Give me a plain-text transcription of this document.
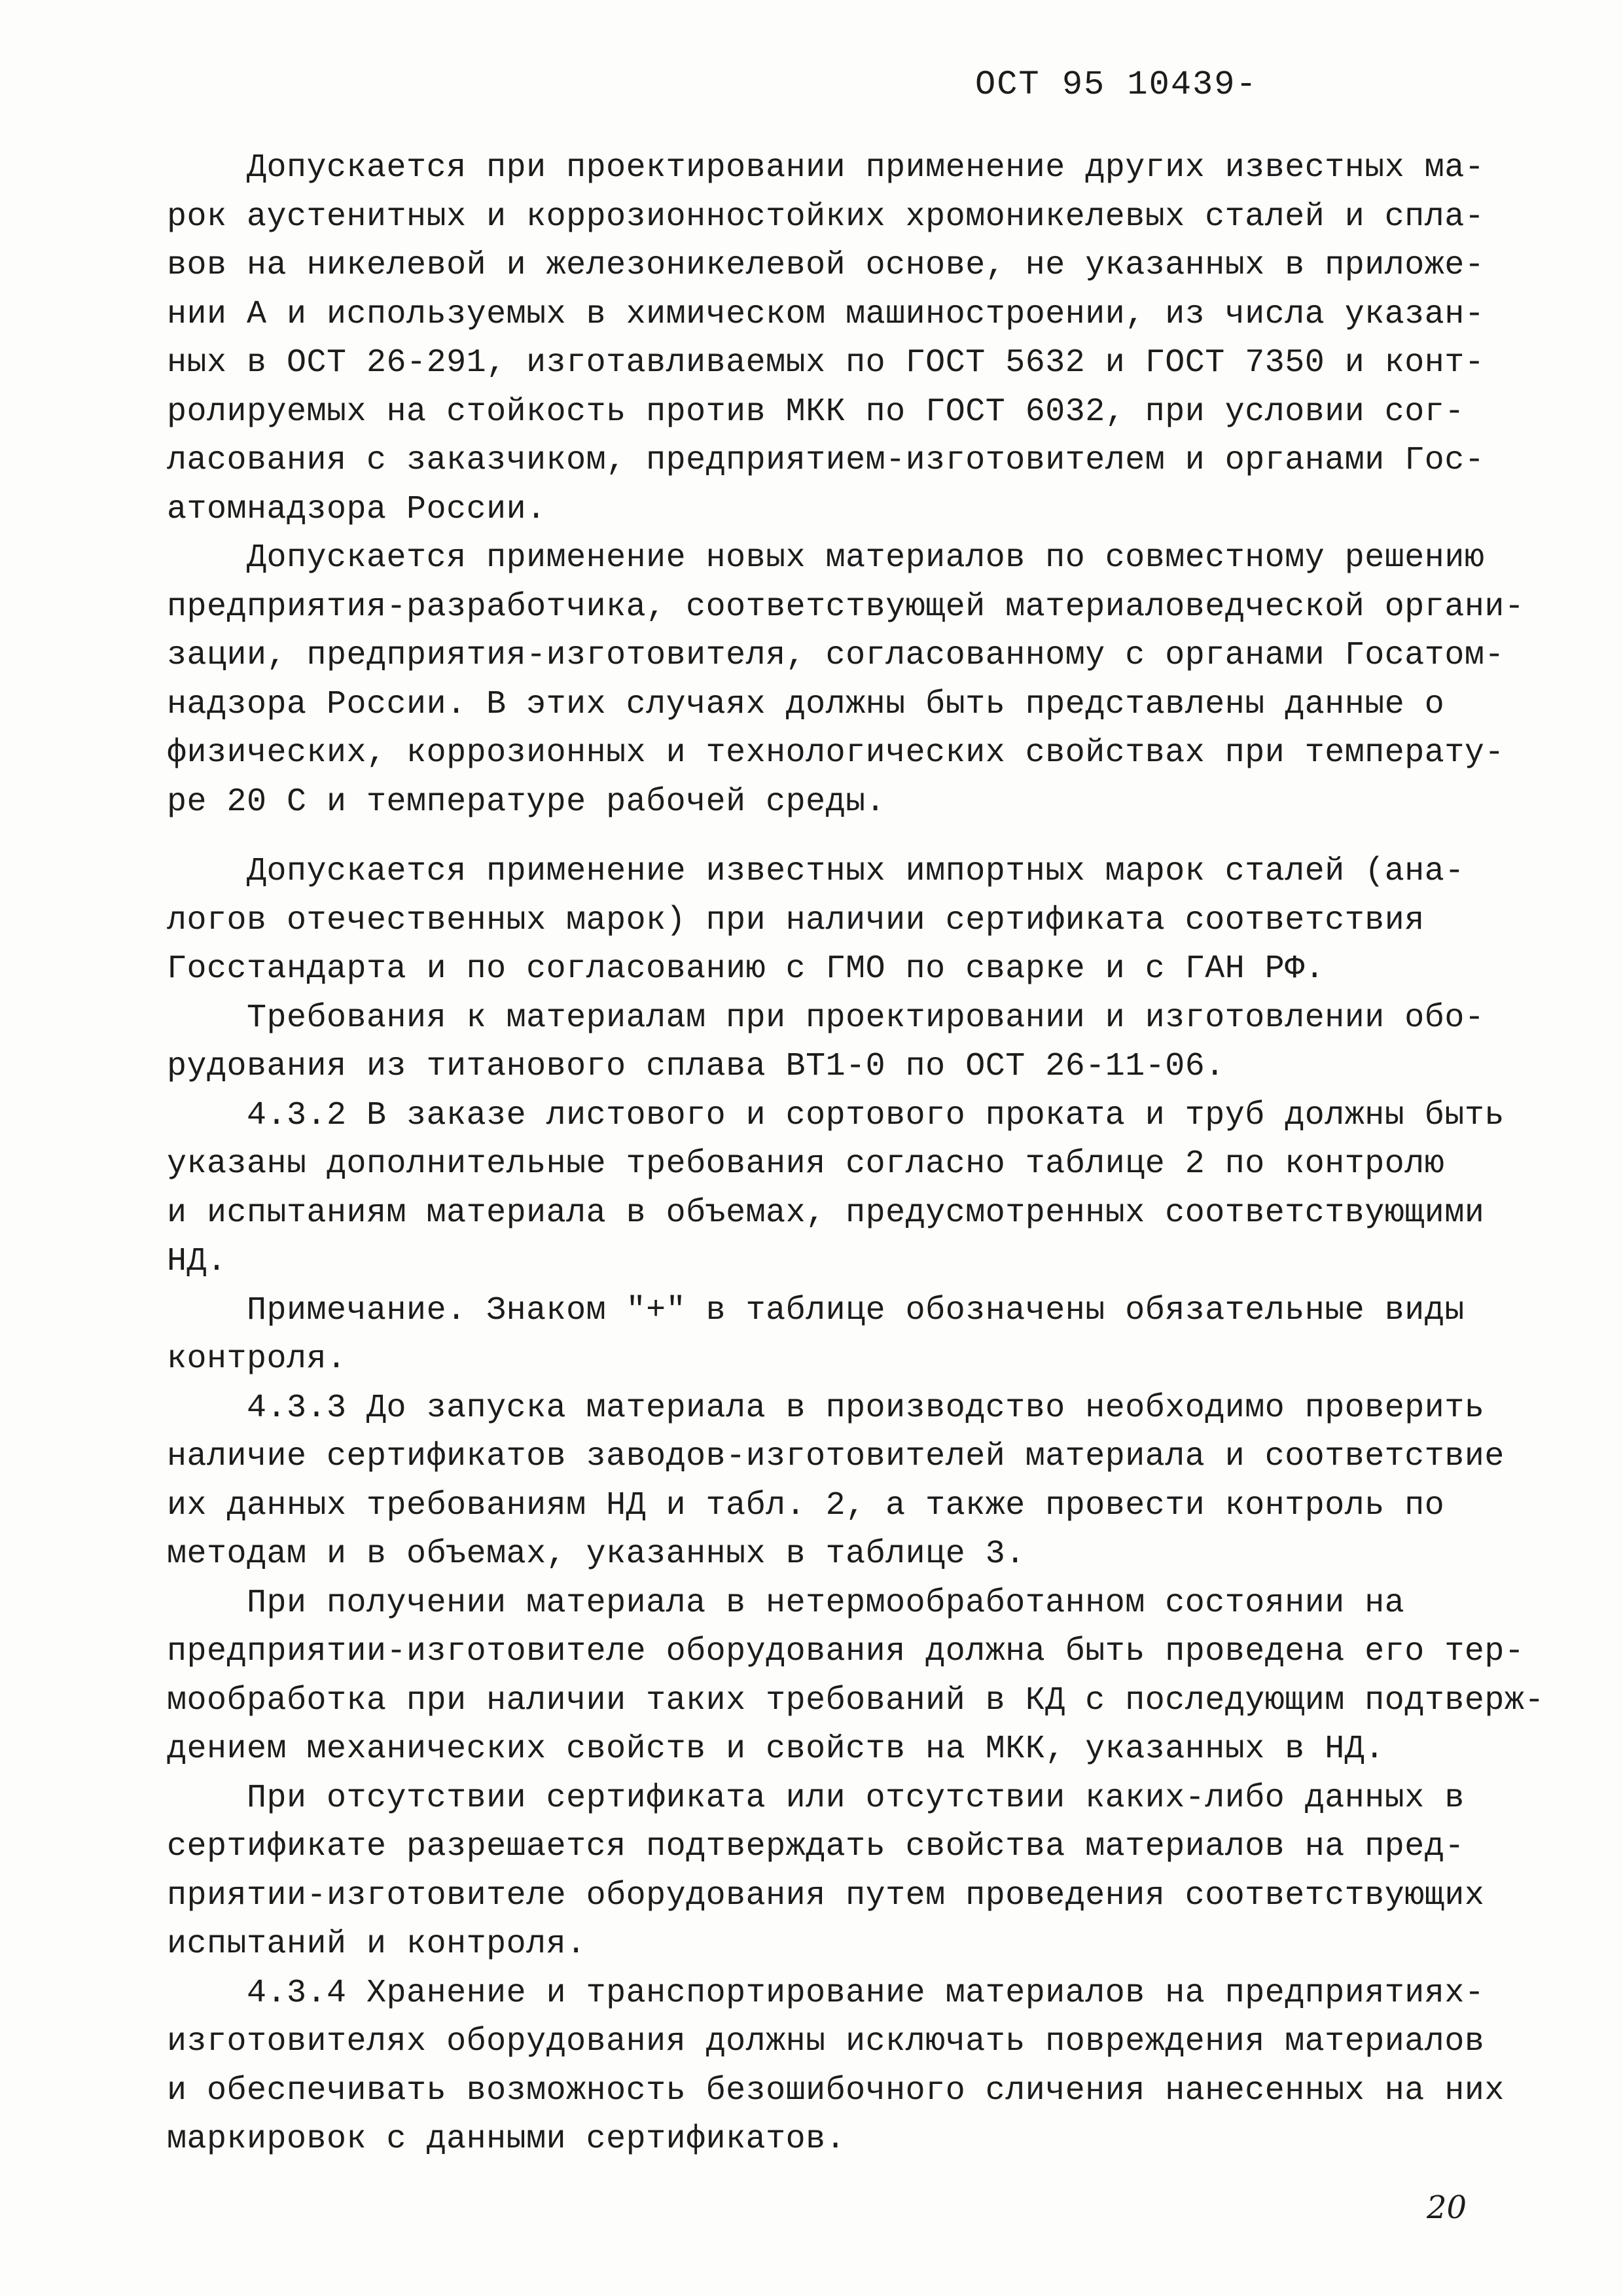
ОСТ 95 10439-
Допускается при проектировании применение других известных ма-
рок аустенитных и коррозионностойких хромоникелевых сталей и спла-
вов на никелевой и железоникелевой основе, не указанных в приложе-
нии А и используемых в химическом машиностроении, из числа указан-
ных в ОСТ 26-291, изготавливаемых по ГОСТ 5632 и ГОСТ 7350 и конт-
ролируемых на стойкость против МКК по ГОСТ 6032, при условии сог-
ласования с заказчиком, предприятием-изготовителем и органами Гос-
атомнадзора России.
Допускается применение новых материалов по совместному решению
предприятия-разработчика, соответствующей материаловедческой органи-
зации, предприятия-изготовителя, согласованному с органами Госатом-
надзора России. В этих случаях должны быть представлены данные о
физических, коррозионных и технологических свойствах при температу-
ре 20 С и температуре рабочей среды.
Допускается применение известных импортных марок сталей (ана-
логов отечественных марок) при наличии сертификата соответствия
Госстандарта и по согласованию с ГМО по сварке и с ГАН РФ.
Требования к материалам при проектировании и изготовлении обо-
рудования из титанового сплава ВТ1-0 по ОСТ 26-11-06.
4.3.2 В заказе листового и сортового проката и труб должны быть
указаны дополнительные требования согласно таблице 2 по контролю
и испытаниям материала в объемах, предусмотренных соответствующими
НД.
Примечание. Знаком "+" в таблице обозначены обязательные виды
контроля.
4.3.3 До запуска материала в производство необходимо проверить
наличие сертификатов заводов-изготовителей материала и соответствие
их данных требованиям НД и табл. 2, а также провести контроль по
методам и в объемах, указанных в таблице 3.
При получении материала в нетермообработанном состоянии на
предприятии-изготовителе оборудования должна быть проведена его тер-
мообработка при наличии таких требований в КД с последующим подтверж-
дением механических свойств и свойств на МКК, указанных в НД.
При отсутствии сертификата или отсутствии каких-либо данных в
сертификате разрешается подтверждать свойства материалов на пред-
приятии-изготовителе оборудования путем проведения соответствующих
испытаний и контроля.
4.3.4 Хранение и транспортирование материалов на предприятиях-
изготовителях оборудования должны исключать повреждения материалов
и обеспечивать возможность безошибочного сличения нанесенных на них
маркировок с данными сертификатов.
20
